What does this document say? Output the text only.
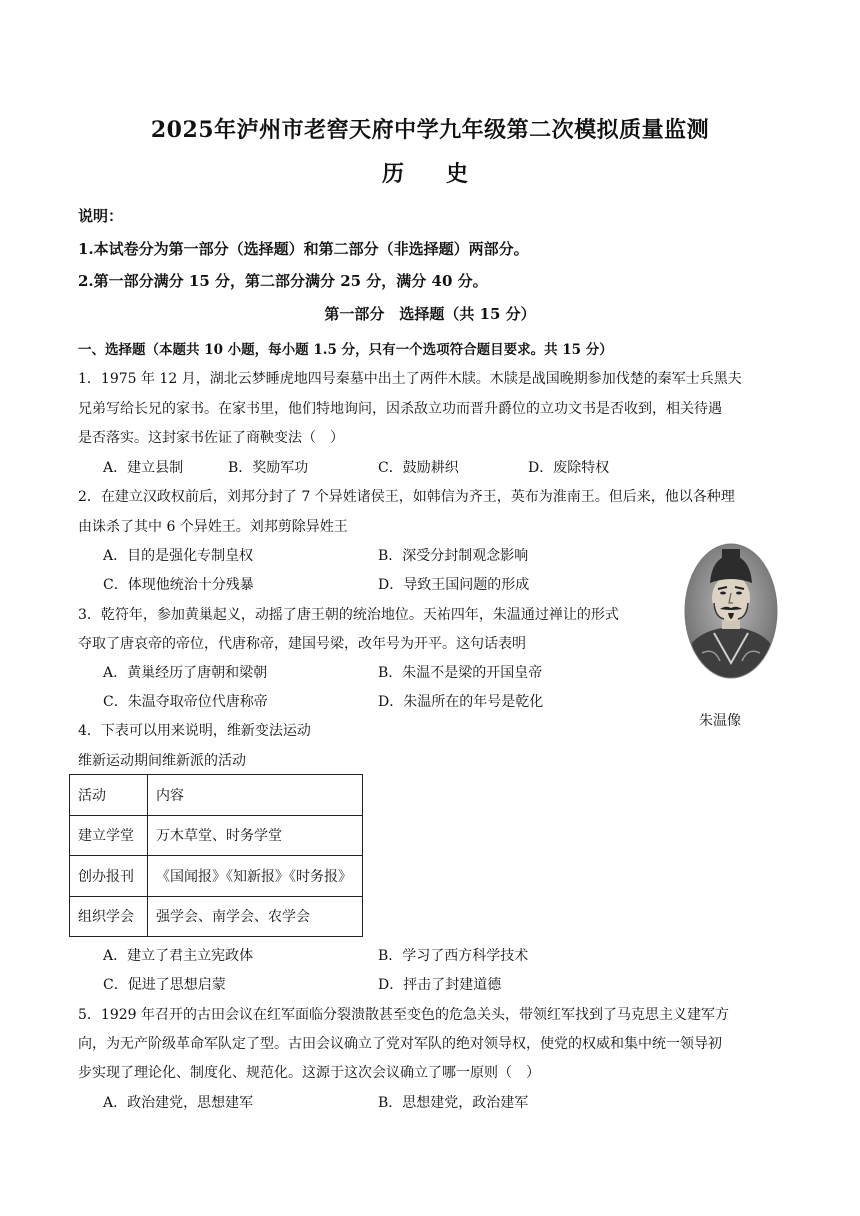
2025年泸州市老窖天府中学九年级第二次模拟质量监测
历　史
说明：
1.本试卷分为第一部分（选择题）和第二部分（非选择题）两部分。
2.第一部分满分 15 分，第二部分满分 25 分，满分 40 分。
第一部分　选择题（共 15 分）
一、选择题（本题共 10 小题，每小题 1.5 分，只有一个选项符合题目要求。共 15 分）
1．1975 年 12 月，湖北云梦睡虎地四号秦墓中出土了两件木牍。木牍是战国晚期参加伐楚的秦军士兵黑夫
兄弟写给长兄的家书。在家书里，他们特地询问，因杀敌立功而晋升爵位的立功文书是否收到，相关待遇
是否落实。这封家书佐证了商鞅变法（　）
A．建立县制	B．奖励军功	C．鼓励耕织	D．废除特权
2．在建立汉政权前后，刘邦分封了 7 个异姓诸侯王，如韩信为齐王，英布为淮南王。但后来，他以各种理
由诛杀了其中 6 个异姓王。刘邦剪除异姓王
A．目的是强化专制皇权	B．深受分封制观念影响
C．体现他统治十分残暴	D．导致王国问题的形成
3．乾符年，参加黄巢起义，动摇了唐王朝的统治地位。天祐四年，朱温通过禅让的形式
夺取了唐哀帝的帝位，代唐称帝，建国号梁，改年号为开平。这句话表明
A．黄巢经历了唐朝和梁朝	B．朱温不是梁的开国皇帝
C．朱温夺取帝位代唐称帝	D．朱温所在的年号是乾化
朱温像
4．下表可以用来说明，维新变法运动
维新运动期间维新派的活动
活动	内容
建立学堂	万木草堂、时务学堂
创办报刊	《国闻报》《知新报》《时务报》
组织学会	强学会、南学会、农学会
A．建立了君主立宪政体	B．学习了西方科学技术
C．促进了思想启蒙	D．抨击了封建道德
5．1929 年召开的古田会议在红军面临分裂溃散甚至变色的危急关头，带领红军找到了马克思主义建军方
向，为无产阶级革命军队定了型。古田会议确立了党对军队的绝对领导权，使党的权威和集中统一领导初
步实现了理论化、制度化、规范化。这源于这次会议确立了哪一原则（　）
A．政治建党，思想建军	B．思想建党，政治建军
